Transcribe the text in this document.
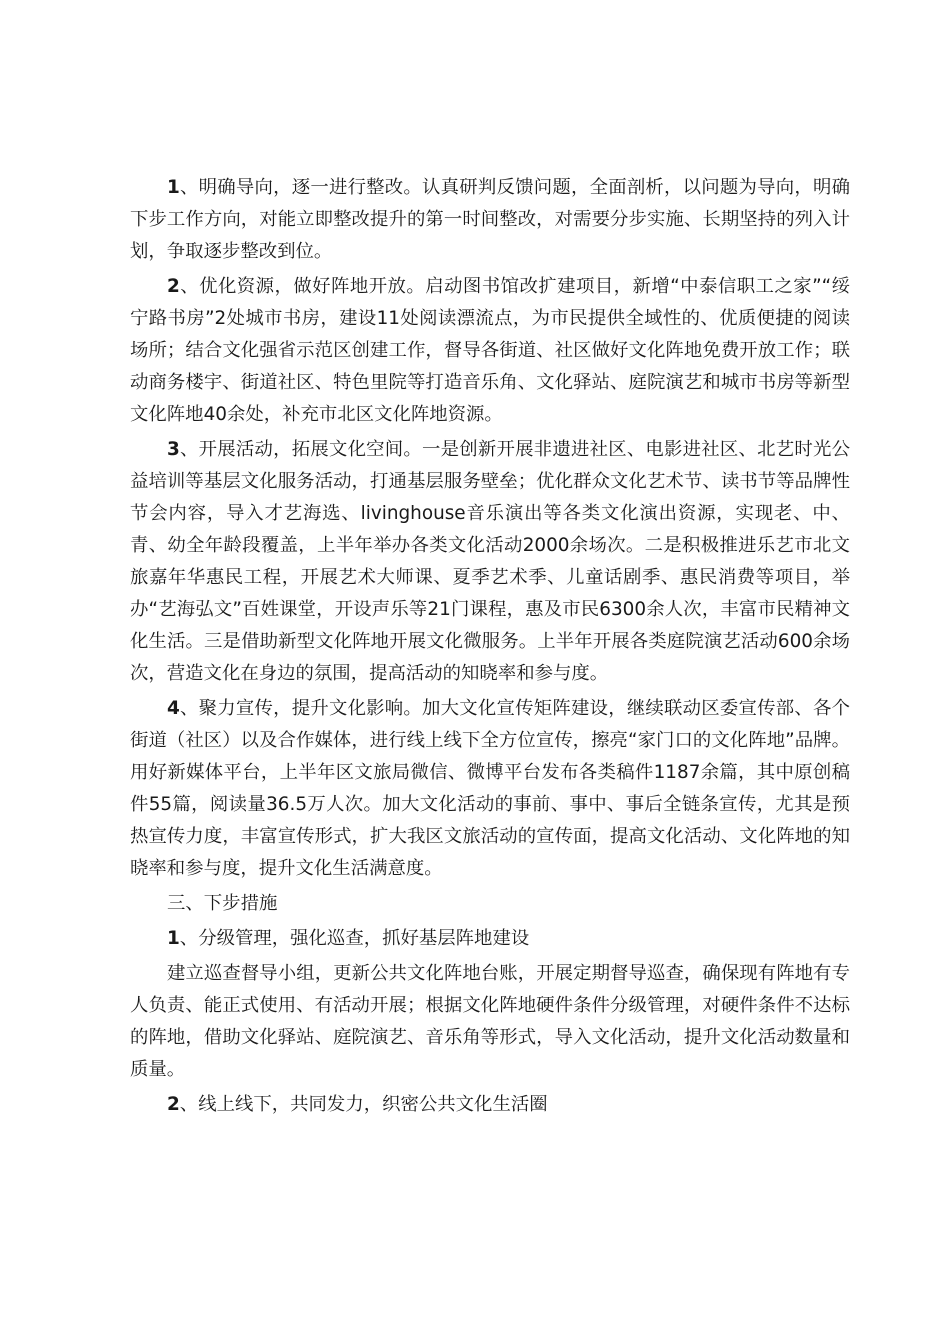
1、明确导向，逐一进行整改。认真研判反馈问题，全面剖析，以问题为导向，明确下步工作方向，对能立即整改提升的第一时间整改，对需要分步实施、长期坚持的列入计划，争取逐步整改到位。

2、优化资源，做好阵地开放。启动图书馆改扩建项目，新增“中泰信职工之家”“绥宁路书房”2处城市书房，建设11处阅读漂流点，为市民提供全域性的、优质便捷的阅读场所；结合文化强省示范区创建工作，督导各街道、社区做好文化阵地免费开放工作；联动商务楼宇、街道社区、特色里院等打造音乐角、文化驿站、庭院演艺和城市书房等新型文化阵地40余处，补充市北区文化阵地资源。

3、开展活动，拓展文化空间。一是创新开展非遗进社区、电影进社区、北艺时光公益培训等基层文化服务活动，打通基层服务壁垒；优化群众文化艺术节、读书节等品牌性节会内容，导入才艺海选、livinghouse音乐演出等各类文化演出资源，实现老、中、青、幼全年龄段覆盖，上半年举办各类文化活动2000余场次。二是积极推进乐艺市北文旅嘉年华惠民工程，开展艺术大师课、夏季艺术季、儿童话剧季、惠民消费等项目，举办“艺海弘文”百姓课堂，开设声乐等21门课程，惠及市民6300余人次，丰富市民精神文化生活。三是借助新型文化阵地开展文化微服务。上半年开展各类庭院演艺活动600余场次，营造文化在身边的氛围，提高活动的知晓率和参与度。

4、聚力宣传，提升文化影响。加大文化宣传矩阵建设，继续联动区委宣传部、各个街道（社区）以及合作媒体，进行线上线下全方位宣传，擦亮“家门口的文化阵地”品牌。用好新媒体平台，上半年区文旅局微信、微博平台发布各类稿件1187余篇，其中原创稿件55篇，阅读量36.5万人次。加大文化活动的事前、事中、事后全链条宣传，尤其是预热宣传力度，丰富宣传形式，扩大我区文旅活动的宣传面，提高文化活动、文化阵地的知晓率和参与度，提升文化生活满意度。

三、下步措施

1、分级管理，强化巡查，抓好基层阵地建设

建立巡查督导小组，更新公共文化阵地台账，开展定期督导巡查，确保现有阵地有专人负责、能正式使用、有活动开展；根据文化阵地硬件条件分级管理，对硬件条件不达标的阵地，借助文化驿站、庭院演艺、音乐角等形式，导入文化活动，提升文化活动数量和质量。

2、线上线下，共同发力，织密公共文化生活圈
